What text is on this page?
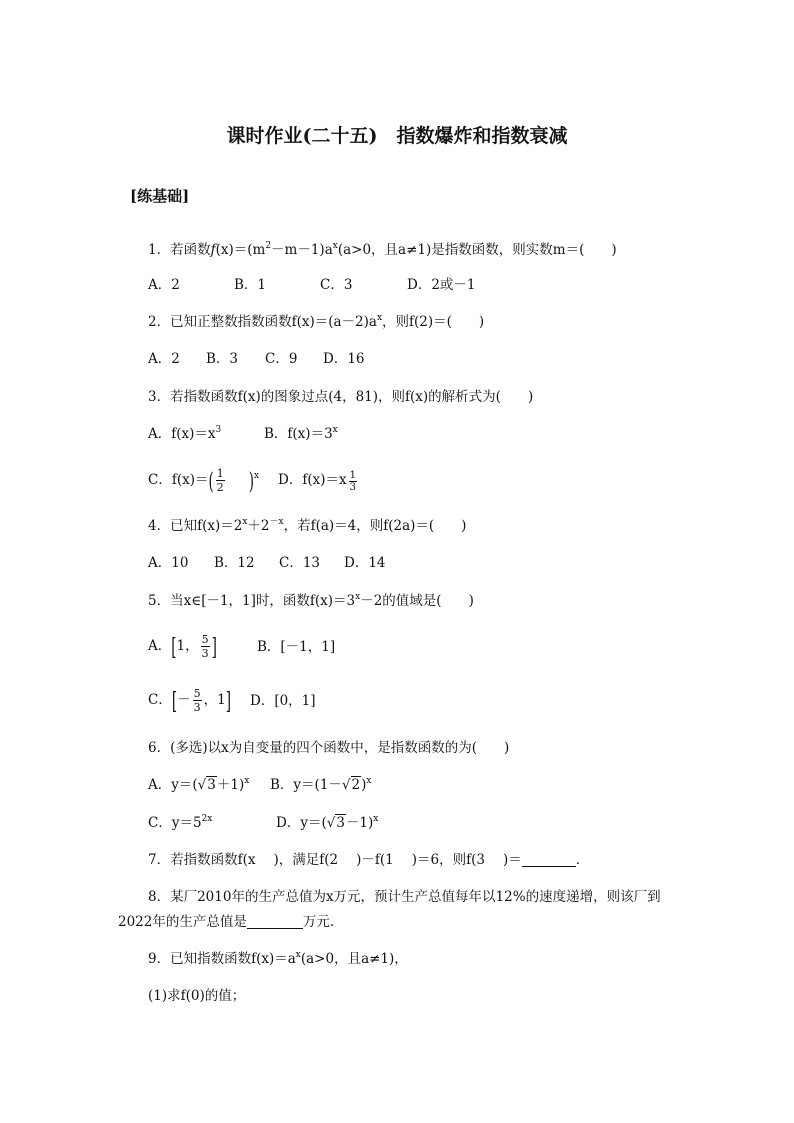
课时作业(二十五)　指数爆炸和指数衰减
[练基础]
1．若函数$f(x)=(m^2-m-1)a^x(a>0$，且a≠1)是指数函数，则实数m＝(　　)
A．2	B．1	C．3	D．2或－1
2．已知正整数指数函数$f(x)=(a-2)a^x$，则f(2)＝(　　)
A．2 B．3 C．9 D．16
3．若指数函数f(x)的图象过点(4，81)，则f(x)的解析式为(　　)
A．$f(x)=x^3$	B．$f(x)=3^x$
C．$f(x)=( \frac{1}{2} )^x$ D．$f(x)=x \frac{1}{3}$
4．已知$f(x)=2^x+2^{-x}$，若f(a)＝4，则f(2a)＝(　　)
A．10 B．12 C．13 D．14
5．当x∈[－1，1]时，函数$f(x)=3^x-2$的值域是(　　)
A．[1， $\frac{5}{3}$ ]	B．[－1，1]
C．[－ $\frac{5}{3}$ ，1] D．[0，1]
6．(多选)以x为自变量的四个函数中，是指数函数的为(　　)
A．$y=(√3+1)^x$ B．$y=(1-√2)^x$
C．$y=5^{2x}$	D．$y=(√3-1)^x$
7．若指数函数f(x )，满足f(2 )－f(1 )＝6，则f(3 )＝	．
8．某厂2010年的生产总值为x万元，预计生产总值每年以12%的速度递增，则该厂到
2022年的生产总值是	万元．
9．已知指数函数$f(x)=a^x(a>0$，且a≠1)，
(1)求f(0)的值；
